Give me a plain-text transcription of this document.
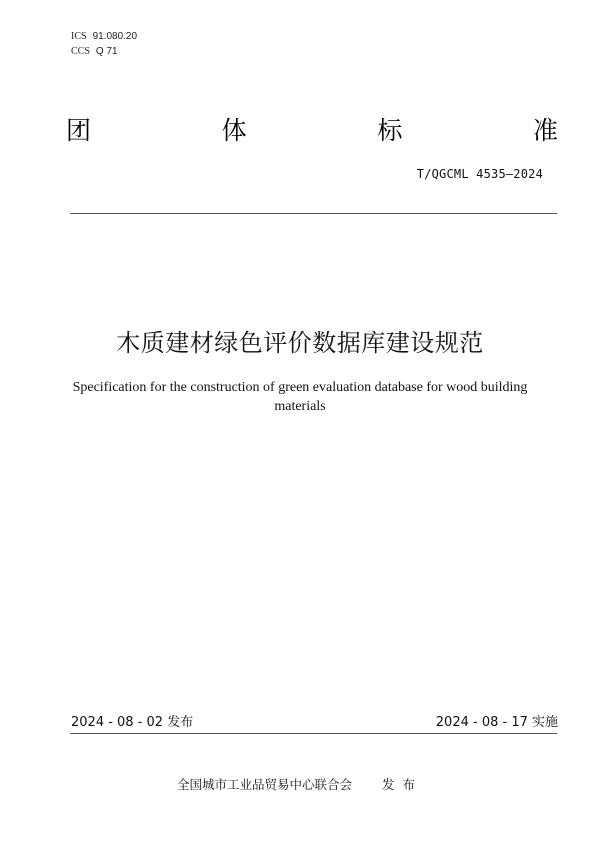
ICS 91.080.20
CCS Q 71
团	体	标	准
T/QGCML 4535—2024
木质建材绿色评价数据库建设规范
Specification for the construction of green evaluation database for wood building materials
2024 - 08 - 02 发布	2024 - 08 - 17 实施
全国城市工业品贸易中心联合会 发布
